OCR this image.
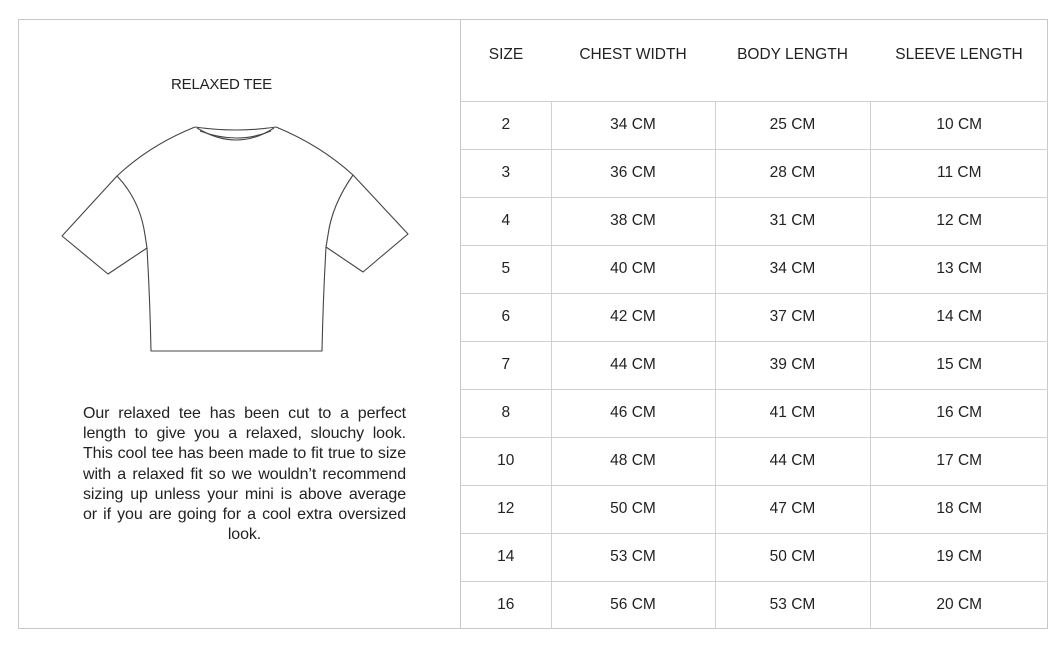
RELAXED TEE
Our relaxed tee has been cut to a perfect length to give you a relaxed, slouchy look. This cool tee has been made to fit true to size with a relaxed fit so we wouldn’t recommend sizing up unless your mini is above average or if you are going for a cool extra oversized look.
SIZE	CHEST WIDTH	BODY LENGTH	SLEEVE LENGTH
2	34 CM	25 CM	10 CM
3	36 CM	28 CM	11 CM
4	38 CM	31 CM	12 CM
5	40 CM	34 CM	13 CM
6	42 CM	37 CM	14 CM
7	44 CM	39 CM	15 CM
8	46 CM	41 CM	16 CM
10	48 CM	44 CM	17 CM
12	50 CM	47 CM	18 CM
14	53 CM	50 CM	19 CM
16	56 CM	53 CM	20 CM
